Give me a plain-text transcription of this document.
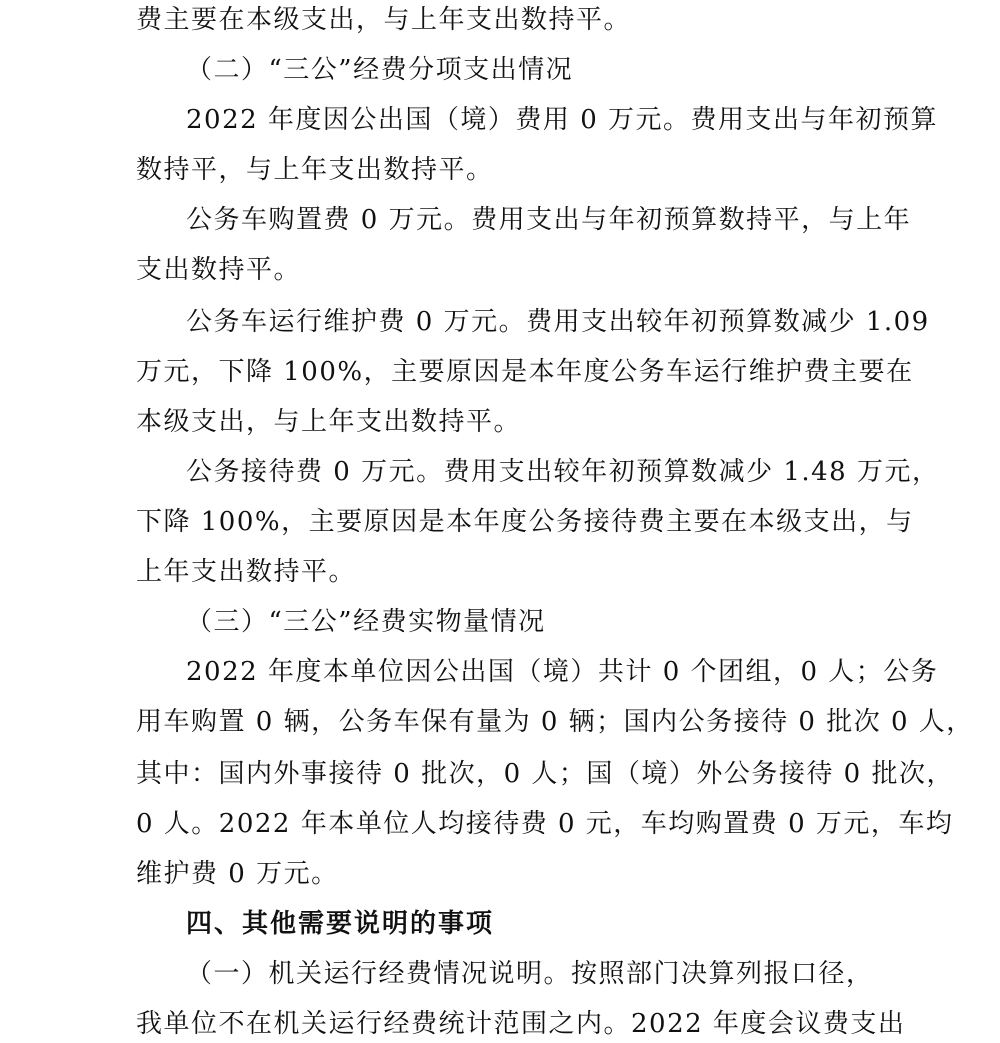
费主要在本级支出，与上年支出数持平。
（二）“三公”经费分项支出情况
2022 年度因公出国（境）费用 0 万元。费用支出与年初预算
数持平，与上年支出数持平。
公务车购置费 0 万元。费用支出与年初预算数持平，与上年
支出数持平。
公务车运行维护费 0 万元。费用支出较年初预算数减少 1.09
万元，下降 100%，主要原因是本年度公务车运行维护费主要在
本级支出，与上年支出数持平。
公务接待费 0 万元。费用支出较年初预算数减少 1.48 万元，
下降 100%，主要原因是本年度公务接待费主要在本级支出，与
上年支出数持平。
（三）“三公”经费实物量情况
2022 年度本单位因公出国（境）共计 0 个团组，0 人；公务
用车购置 0 辆，公务车保有量为 0 辆；国内公务接待 0 批次 0 人，
其中：国内外事接待 0 批次，0 人；国（境）外公务接待 0 批次，
0 人。2022 年本单位人均接待费 0 元，车均购置费 0 万元，车均
维护费 0 万元。
四、其他需要说明的事项
（一）机关运行经费情况说明。按照部门决算列报口径，
我单位不在机关运行经费统计范围之内。2022 年度会议费支出
